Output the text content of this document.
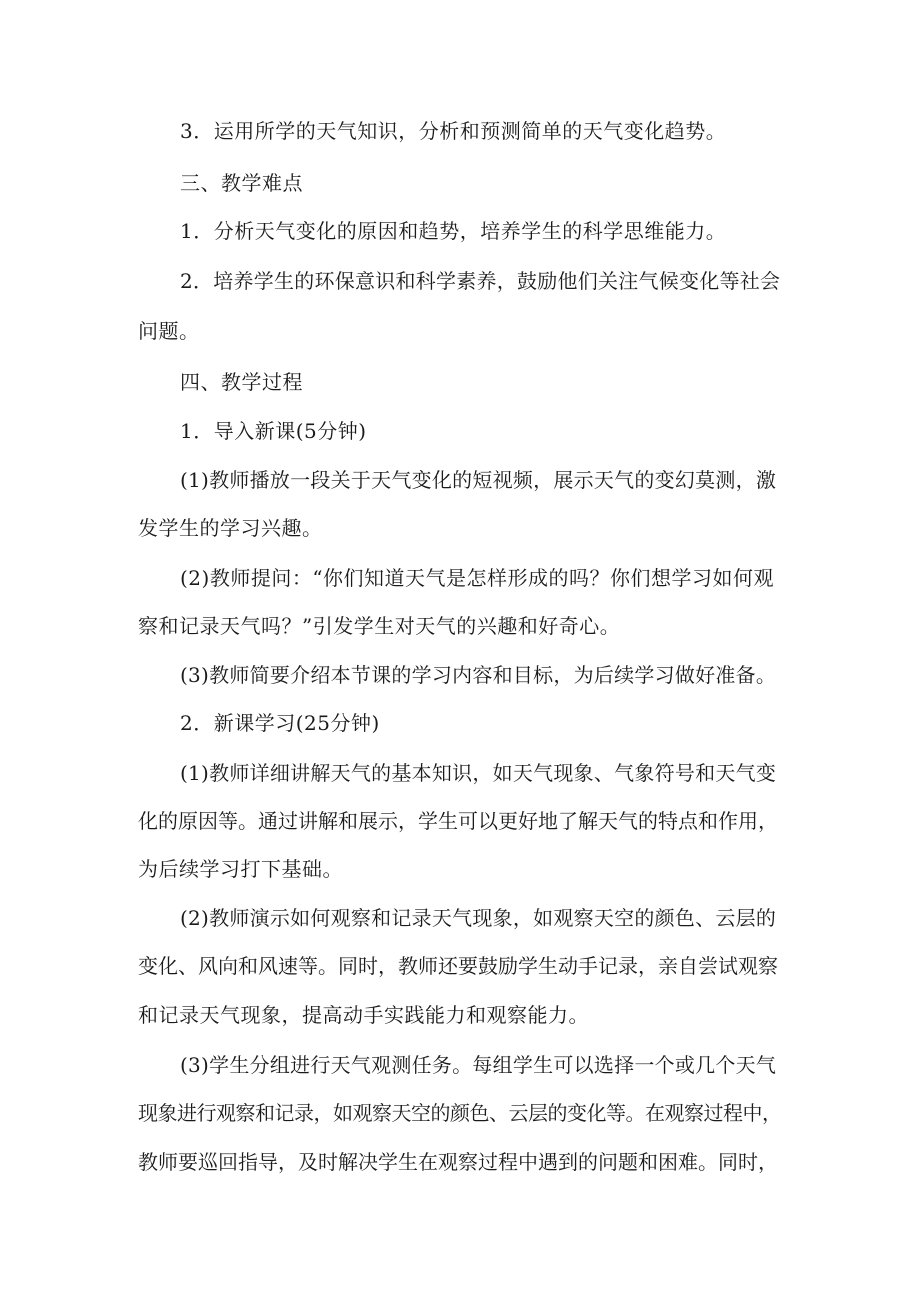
3．运用所学的天气知识，分析和预测简单的天气变化趋势。
三、教学难点
1．分析天气变化的原因和趋势，培养学生的科学思维能力。
2．培养学生的环保意识和科学素养，鼓励他们关注气候变化等社会
问题。
四、教学过程
1．导入新课(5分钟)
(1)教师播放一段关于天气变化的短视频，展示天气的变幻莫测，激
发学生的学习兴趣。
(2)教师提问：“你们知道天气是怎样形成的吗？你们想学习如何观
察和记录天气吗？”引发学生对天气的兴趣和好奇心。
(3)教师简要介绍本节课的学习内容和目标，为后续学习做好准备。
2．新课学习(25分钟)
(1)教师详细讲解天气的基本知识，如天气现象、气象符号和天气变
化的原因等。通过讲解和展示，学生可以更好地了解天气的特点和作用，
为后续学习打下基础。
(2)教师演示如何观察和记录天气现象，如观察天空的颜色、云层的
变化、风向和风速等。同时，教师还要鼓励学生动手记录，亲自尝试观察
和记录天气现象，提高动手实践能力和观察能力。
(3)学生分组进行天气观测任务。每组学生可以选择一个或几个天气
现象进行观察和记录，如观察天空的颜色、云层的变化等。在观察过程中，
教师要巡回指导，及时解决学生在观察过程中遇到的问题和困难。同时，
